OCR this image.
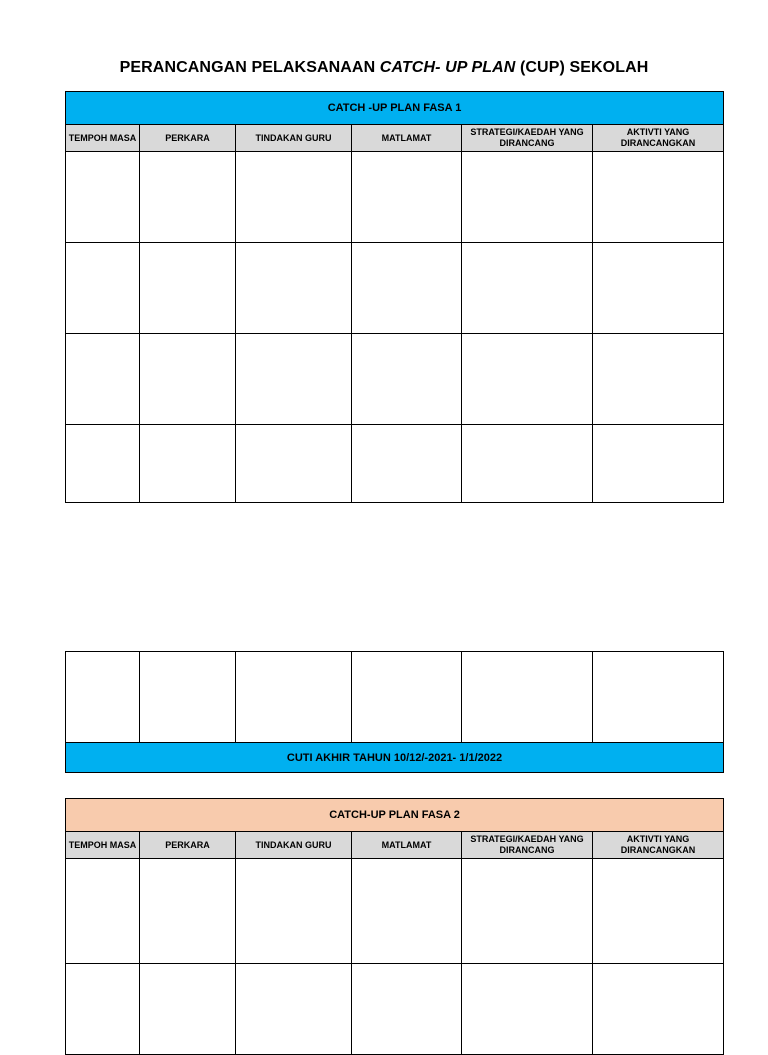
PERANCANGAN PELAKSANAAN CATCH- UP PLAN (CUP) SEKOLAH
CATCH -UP PLAN FASA 1					
TEMPOH MASA	PERKARA	TINDAKAN GURU	MATLAMAT	STRATEGI/KAEDAH YANG DIRANCANG	AKTIVTI YANG DIRANCANGKAN

CUTI AKHIR TAHUN 10/12/-2021- 1/1/2022
CATCH-UP PLAN FASA 2					
TEMPOH MASA	PERKARA	TINDAKAN GURU	MATLAMAT	STRATEGI/KAEDAH YANG DIRANCANG	AKTIVTI YANG DIRANCANGKAN
